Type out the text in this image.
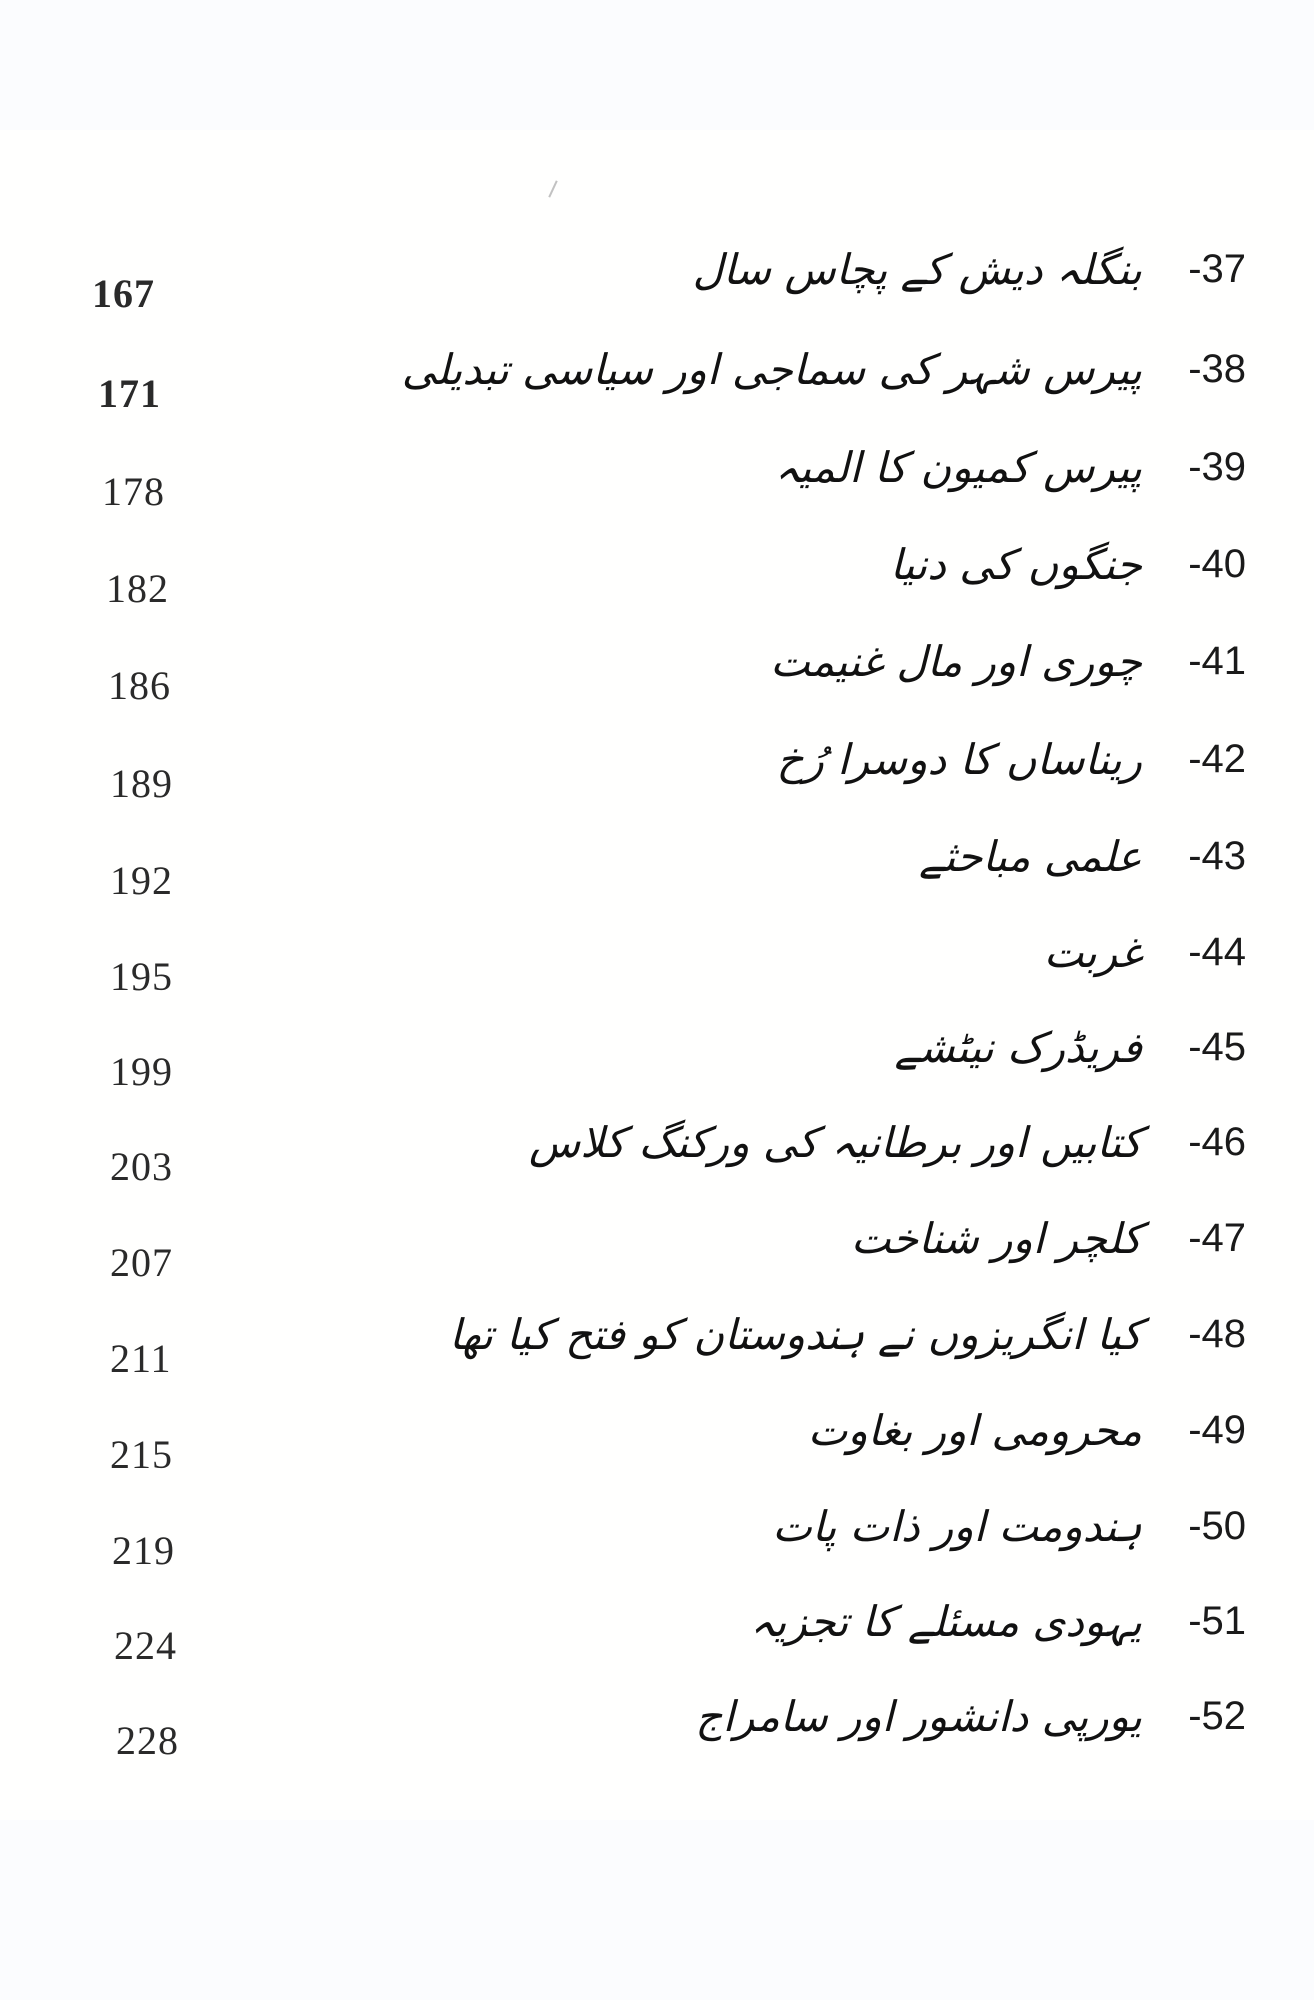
167	بنگلہ دیش کے پچاس سال	-37
171	پیرس شہر کی سماجی اور سیاسی تبدیلی	-38
178	پیرس کمیون کا المیہ	-39
182	جنگوں کی دنیا	-40
186	چوری اور مال غنیمت	-41
189	ریناساں کا دوسرا رُخ	-42
192	علمی مباحثے	-43
195	غربت	-44
199	فریڈرک نیٹشے	-45
203	کتابیں اور برطانیہ کی ورکنگ کلاس	-46
207	کلچر اور شناخت	-47
211	کیا انگریزوں نے ہندوستان کو فتح کیا تھا	-48
215	محرومی اور بغاوت	-49
219	ہندومت اور ذات پات	-50
224	یہودی مسئلے کا تجزیہ	-51
228	یورپی دانشور اور سامراج	-52
